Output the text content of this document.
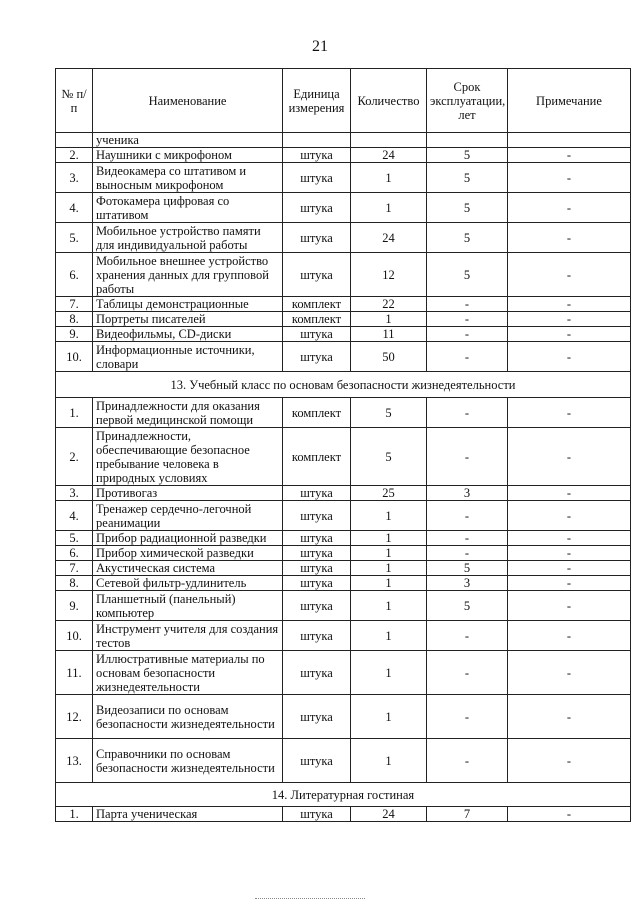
21
№ п/п	Наименование	Единица измерения	Количество	Срок эксплуатации, лет	Примечание
	ученика				
2.	Наушники с микрофоном	штука	24	5	-
3.	Видеокамера со штативом и выносным микрофоном	штука	1	5	-
4.	Фотокамера цифровая со штативом	штука	1	5	-
5.	Мобильное устройство памяти для индивидуальной работы	штука	24	5	-
6.	Мобильное внешнее устройство хранения данных для групповой работы	штука	12	5	-
7.	Таблицы демонстрационные	комплект	22	-	-
8.	Портреты писателей	комплект	1	-	-
9.	Видеофильмы, CD-диски	штука	11	-	-
10.	Информационные источники, словари	штука	50	-	-
13. Учебный класс по основам безопасности жизнедеятельности					
1.	Принадлежности для оказания первой медицинской помощи	комплект	5	-	-
2.	Принадлежности, обеспечивающие безопасное пребывание человека в природных условиях	комплект	5	-	-
3.	Противогаз	штука	25	3	-
4.	Тренажер сердечно-легочной реанимации	штука	1	-	-
5.	Прибор радиационной разведки	штука	1	-	-
6.	Прибор химической разведки	штука	1	-	-
7.	Акустическая система	штука	1	5	-
8.	Сетевой фильтр-удлинитель	штука	1	3	-
9.	Планшетный (панельный) компьютер	штука	1	5	-
10.	Инструмент учителя для создания тестов	штука	1	-	-
11.	Иллюстративные материалы по основам безопасности жизнедеятельности	штука	1	-	-
12.	Видеозаписи по основам безопасности жизнедеятельности	штука	1	-	-
13.	Справочники по основам безопасности жизнедеятельности	штука	1	-	-
14. Литературная гостиная					
1.	Парта ученическая	штука	24	7	-
